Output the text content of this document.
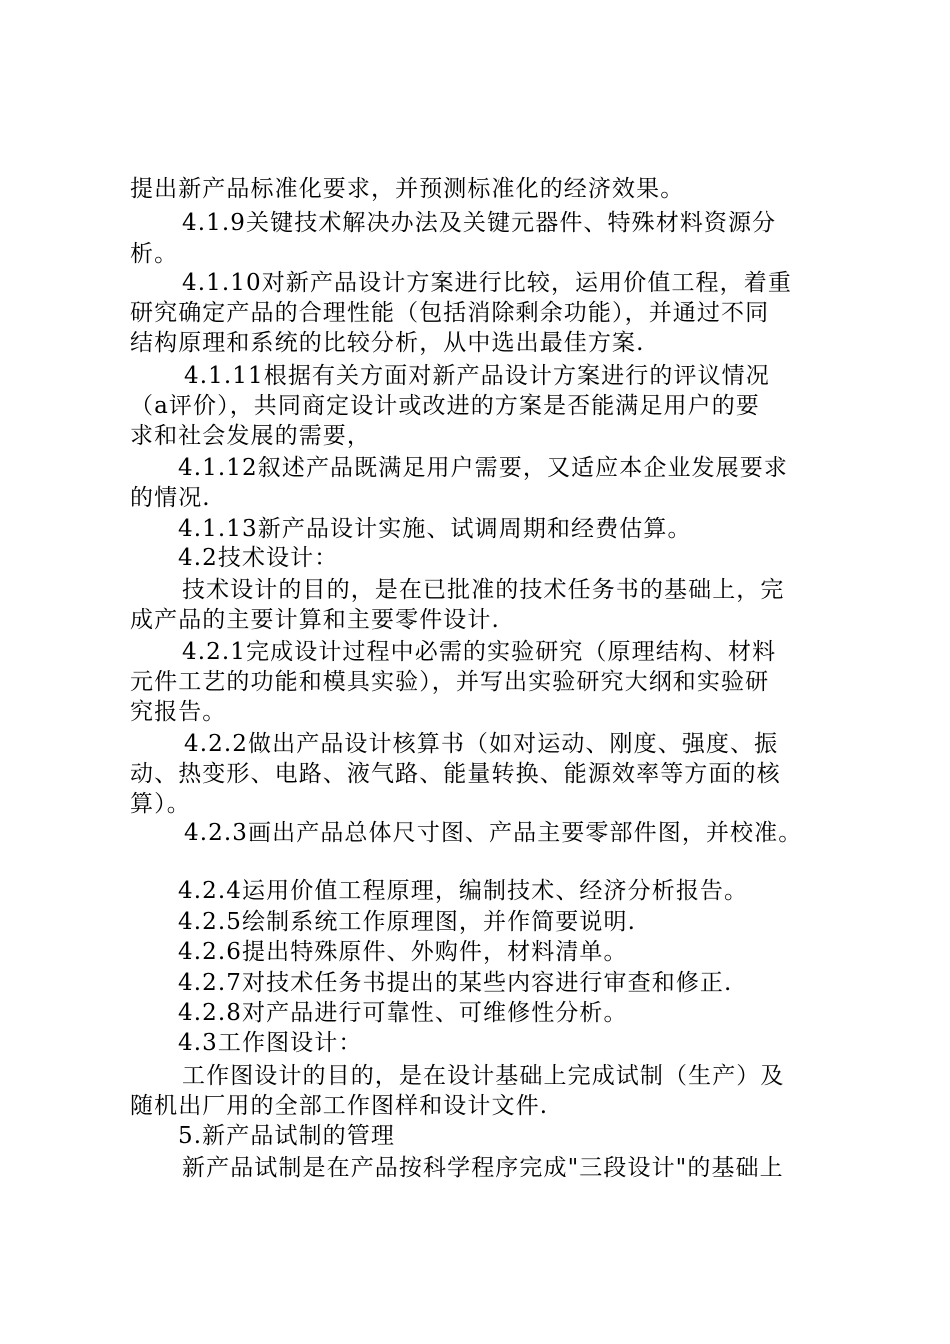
提出新产品标准化要求，并预测标准化的经济效果。
4.1.9关键技术解决办法及关键元器件、特殊材料资源分
析。
4.1.10对新产品设计方案进行比较，运用价值工程，着重
研究确定产品的合理性能（包括消除剩余功能），并通过不同
结构原理和系统的比较分析，从中选出最佳方案.
4.1.11根据有关方面对新产品设计方案进行的评议情况
（a评价），共同商定设计或改进的方案是否能满足用户的要
求和社会发展的需要，
4.1.12叙述产品既满足用户需要，又适应本企业发展要求
的情况.
4.1.13新产品设计实施、试调周期和经费估算。
4.2技术设计：
技术设计的目的，是在已批准的技术任务书的基础上，完
成产品的主要计算和主要零件设计.
4.2.1完成设计过程中必需的实验研究（原理结构、材料
元件工艺的功能和模具实验），并写出实验研究大纲和实验研
究报告。
4.2.2做出产品设计核算书（如对运动、刚度、强度、振
动、热变形、电路、液气路、能量转换、能源效率等方面的核
算）。
4.2.3画出产品总体尺寸图、产品主要零部件图，并校准。
4.2.4运用价值工程原理，编制技术、经济分析报告。
4.2.5绘制系统工作原理图，并作简要说明.
4.2.6提出特殊原件、外购件，材料清单。
4.2.7对技术任务书提出的某些内容进行审查和修正.
4.2.8对产品进行可靠性、可维修性分析。
4.3工作图设计：
工作图设计的目的，是在设计基础上完成试制（生产）及
随机出厂用的全部工作图样和设计文件.
5.新产品试制的管理
新产品试制是在产品按科学程序完成"三段设计"的基础上
